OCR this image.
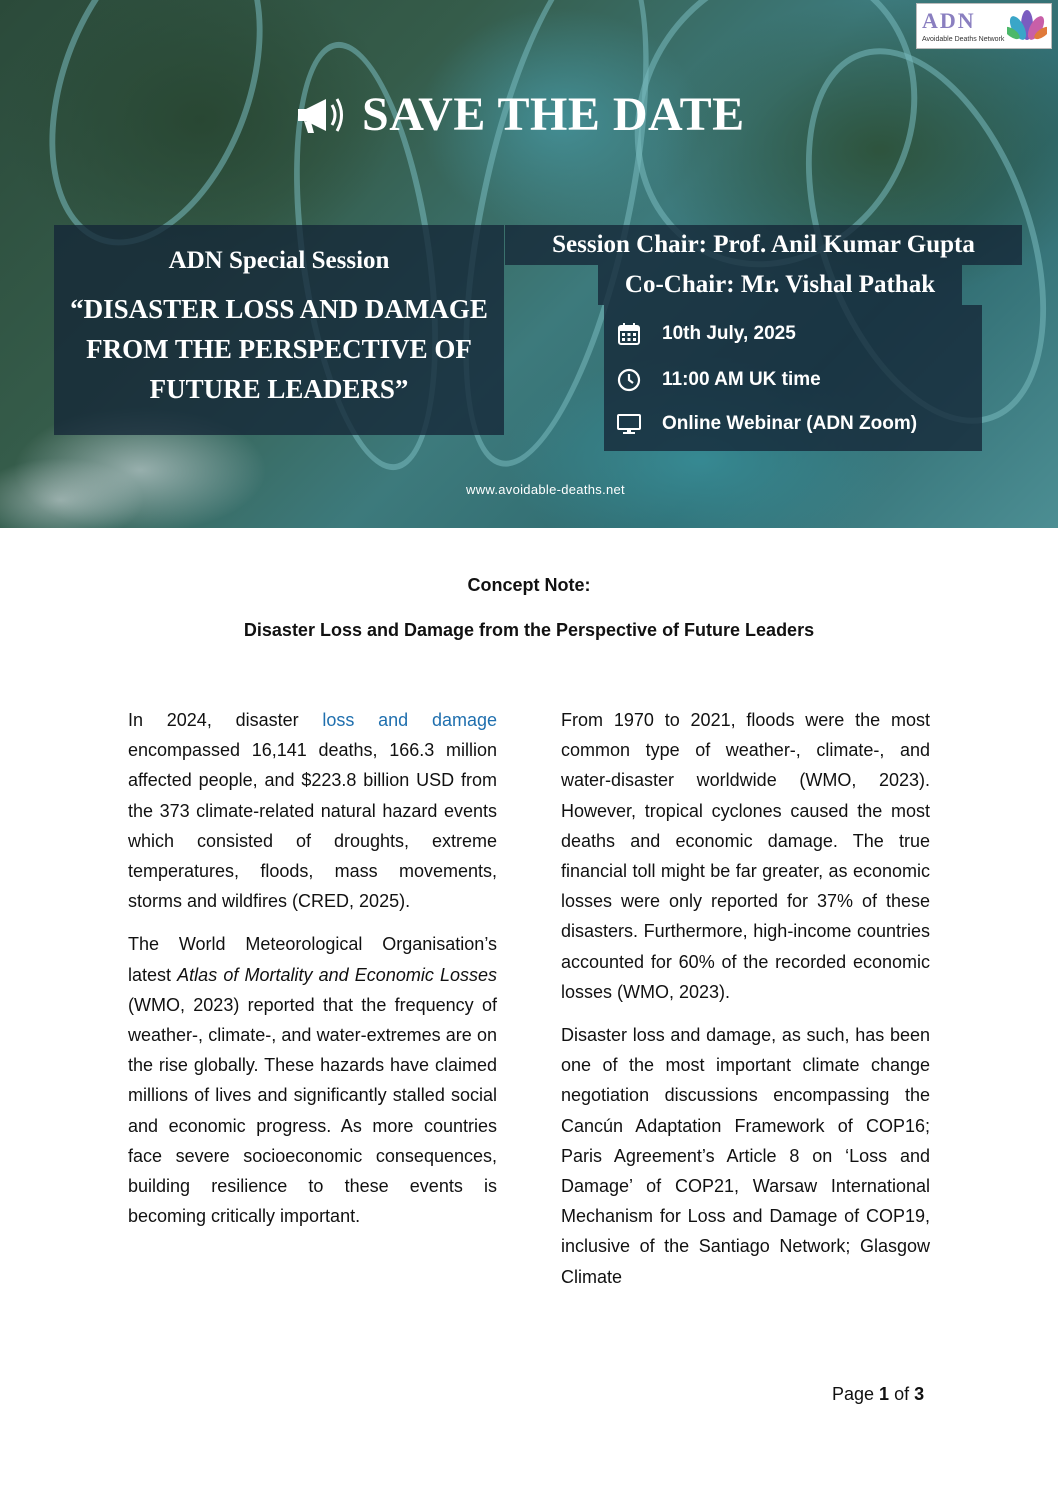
ADN
Avoidable Deaths Network
SAVE THE DATE
ADN Special Session
“DISASTER LOSS AND DAMAGE FROM THE PERSPECTIVE OF FUTURE LEADERS”
Session Chair: Prof. Anil Kumar Gupta
Co-Chair: Mr. Vishal Pathak
10th July, 2025
11:00 AM UK time
Online Webinar (ADN Zoom)
www.avoidable-deaths.net
Concept Note:
Disaster Loss and Damage from the Perspective of Future Leaders

In 2024, disaster loss and damage encompassed 16,141 deaths, 166.3 million affected people, and $223.8 billion USD from the 373 climate-related natural hazard events which consisted of droughts, extreme temperatures, floods, mass movements, storms and wildfires (CRED, 2025).

The World Meteorological Organisation’s latest Atlas of Mortality and Economic Losses (WMO, 2023) reported that the frequency of weather-, climate-, and water-extremes are on the rise globally. These hazards have claimed millions of lives and significantly stalled social and economic progress. As more countries face severe socioeconomic consequences, building resilience to these events is becoming critically important.

From 1970 to 2021, floods were the most common type of weather-, climate-, and water-disaster worldwide (WMO, 2023). However, tropical cyclones caused the most deaths and economic damage. The true financial toll might be far greater, as economic losses were only reported for 37% of these disasters. Furthermore, high-income countries accounted for 60% of the recorded economic losses (WMO, 2023).

Disaster loss and damage, as such, has been one of the most important climate change negotiation discussions encompassing the Cancún Adaptation Framework of COP16; Paris Agreement’s Article 8 on ‘Loss and Damage’ of COP21, Warsaw International Mechanism for Loss and Damage of COP19, inclusive of the Santiago Network; Glasgow Climate

Page 1 of 3
